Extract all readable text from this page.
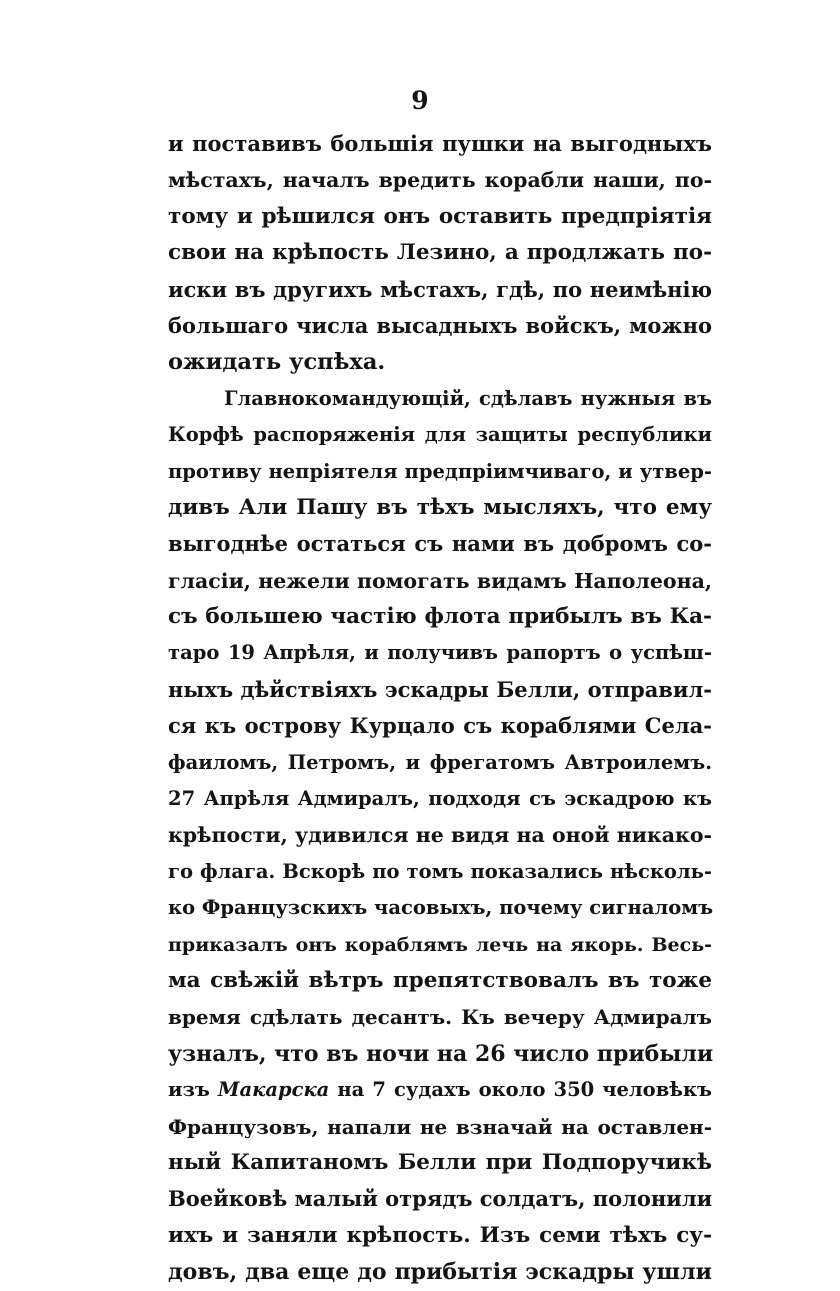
9
и поставивъ большія пушки на выгодныхъ
мѣстахъ, началъ вредить корабли наши, по-
тому и рѣшился онъ оставить предпріятія
свои на крѣпость Лезино, а продлжать по-
иски въ другихъ мѣстахъ, гдѣ, по неимѣнію
большаго числа высадныхъ войскъ, можно
ожидать успѣха.
Главнокомандующій, сдѣлавъ нужныя въ
Корфѣ распоряженія для защиты республики
противу непріятеля предпріимчиваго, и утвер-
дивъ Али Пашу въ тѣхъ мысляхъ, что ему
выгоднѣе остаться съ нами въ добромъ со-
гласіи, нежели помогать видамъ Наполеона,
съ большею частію флота прибылъ въ Ка-
таро 19 Апрѣля, и получивъ рапортъ о успѣш-
ныхъ дѣйствіяхъ эскадры Белли, отправил-
ся къ острову Курцало съ кораблями Села-
фаиломъ, Петромъ, и фрегатомъ Автроилемъ.
27 Апрѣля Адмиралъ, подходя съ эскадрою къ
крѣпости, удивился не видя на оной никако-
го флага. Вскорѣ по томъ показались нѣсколь-
ко Французскихъ часовыхъ, почему сигналомъ
приказалъ онъ кораблямъ лечь на якорь. Весь-
ма свѣжій вѣтръ препятствовалъ въ тоже
время сдѣлать десантъ. Къ вечеру Адмиралъ
узналъ, что въ ночи на 26 число прибыли
изъ Макарска на 7 судахъ около 350 человѣкъ
Французовъ, напали не взначай на оставлен-
ный Капитаномъ Белли при Подпоручикѣ
Воейковѣ малый отрядъ солдатъ, полонили
ихъ и заняли крѣпость. Изъ семи тѣхъ су-
довъ, два еще до прибытія эскадры ушли
